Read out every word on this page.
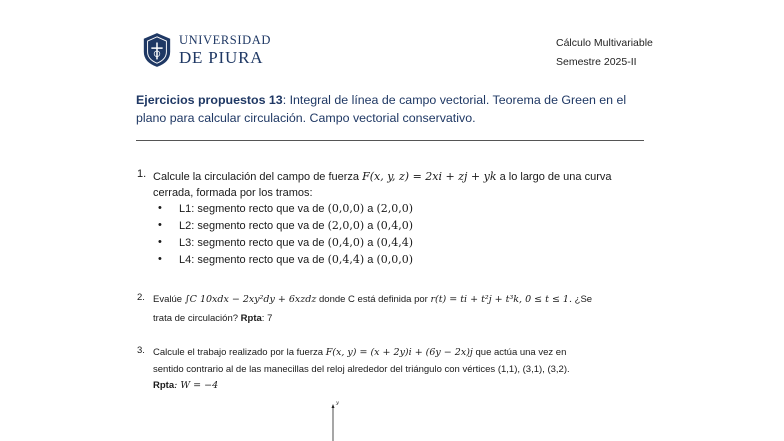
UNIVERSIDAD
DE PIURA
Cálculo Multivariable
Semestre 2025-II
Ejercicios propuestos 13: Integral de línea de campo vectorial. Teorema de Green en el plano para calcular circulación. Campo vectorial conservativo.
1. Calcule la circulación del campo de fuerza F(x, y, z) = 2xi + zj + yk a lo largo de una curva
cerrada, formada por los tramos:
• L1: segmento recto que va de (0,0,0) a (2,0,0)
• L2: segmento recto que va de (2,0,0) a (0,4,0)
• L3: segmento recto que va de (0,4,0) a (0,4,4)
• L4: segmento recto que va de (0,4,4) a (0,0,0)
2. Evalúe ∫C 10xdx − 2xy²dy + 6xzdz donde C está definida por r(t) = ti + t²j + t³k, 0 ≤ t ≤ 1. ¿Se
trata de circulación? Rpta: 7
3. Calcule el trabajo realizado por la fuerza F(x, y) = (x + 2y)i + (6y − 2x)j que actúa una vez en
sentido contrario al de las manecillas del reloj alrededor del triángulo con vértices (1,1), (3,1), (3,2).
Rpta: W = −4
y
